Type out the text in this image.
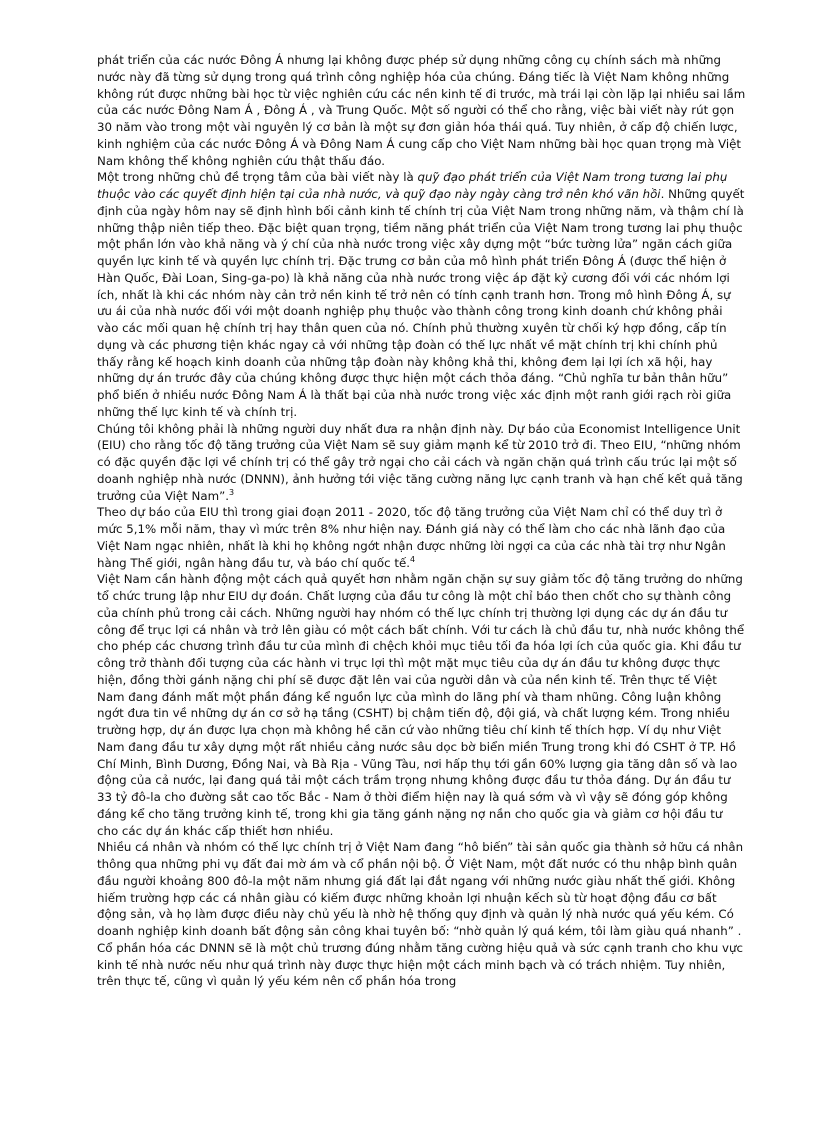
phát triển của các nước Đông Á nhưng lại không được phép sử dụng những công cụ chính sách mà những nước này đã từng sử dụng trong quá trình công nghiệp hóa của chúng. Đáng tiếc là Việt Nam không những không rút được những bài học từ việc nghiên cứu các nền kinh tế đi trước, mà trái lại còn lặp lại nhiều sai lầm của các nước Đông Nam Á , Đông Á , và Trung Quốc. Một số người có thể cho rằng, việc bài viết này rút gọn 30 năm vào trong một vài nguyên lý cơ bản là một sự đơn giản hóa thái quá. Tuy nhiên, ở cấp độ chiến lược, kinh nghiệm của các nước Đông Á và Đông Nam Á cung cấp cho Việt Nam những bài học quan trọng mà Việt Nam không thể không nghiên cứu thật thấu đáo.

Một trong những chủ đề trọng tâm của bài viết này là quỹ đạo phát triển của Việt Nam trong tương lai phụ thuộc vào các quyết định hiện tại của nhà nước, và quỹ đạo này ngày càng trở nên khó vãn hồi. Những quyết định của ngày hôm nay sẽ định hình bối cảnh kinh tế chính trị của Việt Nam trong những năm, và thậm chí là những thập niên tiếp theo. Đặc biệt quan trọng, tiềm năng phát triển của Việt Nam trong tương lai phụ thuộc một phần lớn vào khả năng và ý chí của nhà nước trong việc xây dựng một “bức tường lửa” ngăn cách giữa quyền lực kinh tế và quyền lực chính trị. Đặc trưng cơ bản của mô hình phát triển Đông Á (được thể hiện ở Hàn Quốc, Đài Loan, Sing-ga-po) là khả năng của nhà nước trong việc áp đặt kỷ cương đối với các nhóm lợi ích, nhất là khi các nhóm này cản trở nền kinh tế trở nên có tính cạnh tranh hơn. Trong mô hình Đông Á, sự ưu ái của nhà nước đối với một doanh nghiệp phụ thuộc vào thành công trong kinh doanh chứ không phải vào các mối quan hệ chính trị hay thân quen của nó. Chính phủ thường xuyên từ chối ký hợp đồng, cấp tín dụng và các phương tiện khác ngay cả với những tập đoàn có thế lực nhất về mặt chính trị khi chính phủ thấy rằng kế hoạch kinh doanh của những tập đoàn này không khả thi, không đem lại lợi ích xã hội, hay những dự án trước đây của chúng không được thực hiện một cách thỏa đáng. “Chủ nghĩa tư bản thân hữu” phổ biến ở nhiều nước Đông Nam Á là thất bại của nhà nước trong việc xác định một ranh giới rạch ròi giữa những thế lực kinh tế và chính trị.

Chúng tôi không phải là những người duy nhất đưa ra nhận định này. Dự báo của Economist Intelligence Unit (EIU) cho rằng tốc độ tăng trưởng của Việt Nam sẽ suy giảm mạnh kể từ 2010 trở đi. Theo EIU, “những nhóm có đặc quyền đặc lợi về chính trị có thể gây trở ngại cho cải cách và ngăn chặn quá trình cấu trúc lại một số doanh nghiệp nhà nước (DNNN), ảnh hưởng tới việc tăng cường năng lực cạnh tranh và hạn chế kết quả tăng trưởng của Việt Nam”.$^3$

Theo dự báo của EIU thì trong giai đoạn 2011 - 2020, tốc độ tăng trưởng của Việt Nam chỉ có thể duy trì ở mức 5,1% mỗi năm, thay vì mức trên 8% như hiện nay. Đánh giá này có thể làm cho các nhà lãnh đạo của Việt Nam ngạc nhiên, nhất là khi họ không ngớt nhận được những lời ngợi ca của các nhà tài trợ như Ngân hàng Thế giới, ngân hàng đầu tư, và báo chí quốc tế.$^4$

Việt Nam cần hành động một cách quả quyết hơn nhằm ngăn chặn sự suy giảm tốc độ tăng trưởng do những tổ chức trung lập như EIU dự đoán. Chất lượng của đầu tư công là một chỉ báo then chốt cho sự thành công của chính phủ trong cải cách. Những người hay nhóm có thế lực chính trị thường lợi dụng các dự án đầu tư công để trục lợi cá nhân và trở lên giàu có một cách bất chính. Với tư cách là chủ đầu tư, nhà nước không thể cho phép các chương trình đầu tư của mình đi chệch khỏi mục tiêu tối đa hóa lợi ích của quốc gia. Khi đầu tư công trở thành đối tượng của các hành vi trục lợi thì một mặt mục tiêu của dự án đầu tư không được thực hiện, đồng thời gánh nặng chi phí sẽ được đặt lên vai của người dân và của nền kinh tế. Trên thực tế Việt Nam đang đánh mất một phần đáng kể nguồn lực của mình do lãng phí và tham nhũng. Công luận không ngớt đưa tin về những dự án cơ sở hạ tầng (CSHT) bị chậm tiến độ, đội giá, và chất lượng kém. Trong nhiều trường hợp, dự án được lựa chọn mà không hề căn cứ vào những tiêu chí kinh tế thích hợp. Ví dụ như Việt Nam đang đầu tư xây dựng một rất nhiều cảng nước sâu dọc bờ biển miền Trung trong khi đó CSHT ở TP. Hồ Chí Minh, Bình Dương, Đồng Nai, và Bà Rịa - Vũng Tàu, nơi hấp thụ tới gần 60% lượng gia tăng dân số và lao động của cả nước, lại đang quá tải một cách trầm trọng nhưng không được đầu tư thỏa đáng. Dự án đầu tư 33 tỷ đô-la cho đường sắt cao tốc Bắc - Nam ở thời điểm hiện nay là quá sớm và vì vậy sẽ đóng góp không đáng kể cho tăng trưởng kinh tế, trong khi gia tăng gánh nặng nợ nần cho quốc gia và giảm cơ hội đầu tư cho các dự án khác cấp thiết hơn nhiều.

Nhiều cá nhân và nhóm có thế lực chính trị ở Việt Nam đang “hô biến” tài sản quốc gia thành sở hữu cá nhân thông qua những phi vụ đất đai mờ ám và cổ phần nội bộ. Ở Việt Nam, một đất nước có thu nhập bình quân đầu người khoảng 800 đô-la một năm nhưng giá đất lại đắt ngang với những nước giàu nhất thế giới. Không hiếm trường hợp các cá nhân giàu có kiếm được những khoản lợi nhuận kếch sù từ hoạt động đầu cơ bất động sản, và họ làm được điều này chủ yếu là nhờ hệ thống quy định và quản lý nhà nước quá yếu kém. Có doanh nghiệp kinh doanh bất động sản công khai tuyên bố: “nhờ quản lý quá kém, tôi làm giàu quá nhanh” .

Cổ phần hóa các DNNN sẽ là một chủ trương đúng nhằm tăng cường hiệu quả và sức cạnh tranh cho khu vực kinh tế nhà nước nếu như quá trình này được thực hiện một cách minh bạch và có trách nhiệm. Tuy nhiên, trên thực tế, cũng vì quản lý yếu kém nên cổ phần hóa trong
